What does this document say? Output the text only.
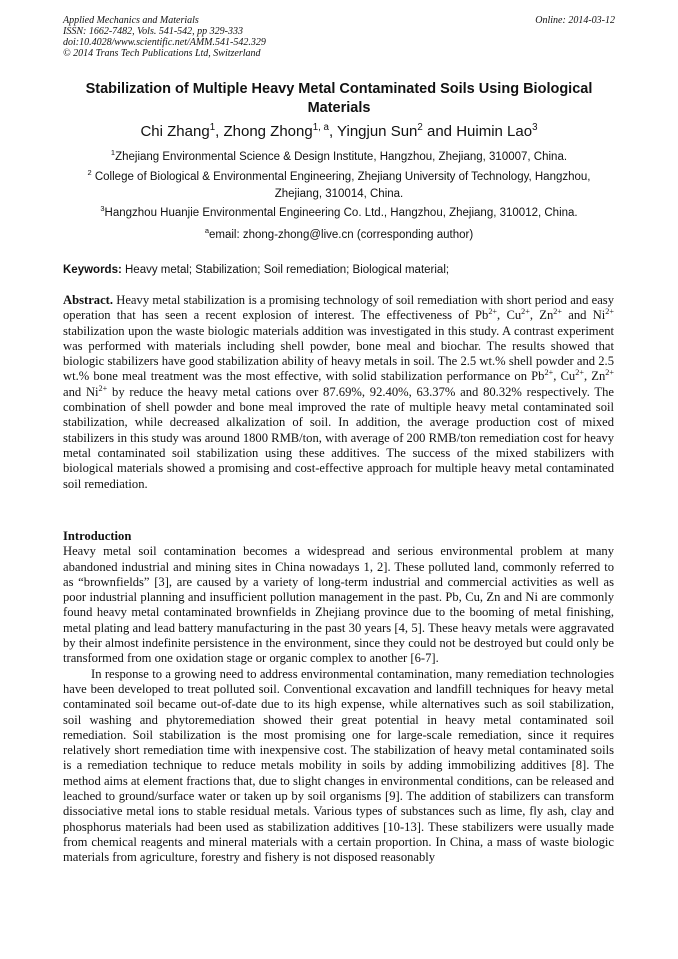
Applied Mechanics and Materials
ISSN: 1662-7482, Vols. 541-542, pp 329-333
doi:10.4028/www.scientific.net/AMM.541-542.329
© 2014 Trans Tech Publications Ltd, Switzerland
Online: 2014-03-12
Stabilization of Multiple Heavy Metal Contaminated Soils Using Biological Materials
Chi Zhang$^1$, Zhong Zhong$^{1, a}$, Yingjun Sun$^2$ and Huimin Lao$^3$
$^1$Zhejiang Environmental Science & Design Institute, Hangzhou, Zhejiang, 310007, China.
$^2$ College of Biological & Environmental Engineering, Zhejiang University of Technology, Hangzhou, Zhejiang, 310014, China.
$^3$Hangzhou Huanjie Environmental Engineering Co. Ltd., Hangzhou, Zhejiang, 310012, China.
$^a$email: zhong-zhong@live.cn (corresponding author)
Keywords: Heavy metal; Stabilization; Soil remediation; Biological material;

Abstract. Heavy metal stabilization is a promising technology of soil remediation with short period and easy operation that has seen a recent explosion of interest. The effectiveness of $Pb^{2+}$, $Cu^{2+}$, $Zn^{2+}$ and $Ni^{2+}$ stabilization upon the waste biologic materials addition was investigated in this study. A contrast experiment was performed with materials including shell powder, bone meal and biochar. The results showed that biologic stabilizers have good stabilization ability of heavy metals in soil. The 2.5 wt.% shell powder and 2.5 wt.% bone meal treatment was the most effective, with solid stabilization performance on $Pb^{2+}$, $Cu^{2+}$, $Zn^{2+}$ and $Ni^{2+}$ by reduce the heavy metal cations over 87.69%, 92.40%, 63.37% and 80.32% respectively. The combination of shell powder and bone meal improved the rate of multiple heavy metal contaminated soil stabilization, while decreased alkalization of soil. In addition, the average production cost of mixed stabilizers in this study was around 1800 RMB/ton, with average of 200 RMB/ton remediation cost for heavy metal contaminated soil stabilization using these additives. The success of the mixed stabilizers with biological materials showed a promising and cost-effective approach for multiple heavy metal contaminated soil remediation.

Introduction

Heavy metal soil contamination becomes a widespread and serious environmental problem at many abandoned industrial and mining sites in China nowadays 1, 2]. These polluted land, commonly referred to as “brownfields” [3], are caused by a variety of long-term industrial and commercial activities as well as poor industrial planning and insufficient pollution management in the past. Pb, Cu, Zn and Ni are commonly found heavy metal contaminated brownfields in Zhejiang province due to the booming of metal finishing, metal plating and lead battery manufacturing in the past 30 years [4, 5]. These heavy metals were aggravated by their almost indefinite persistence in the environment, since they could not be destroyed but could only be transformed from one oxidation stage or organic complex to another [6-7].

In response to a growing need to address environmental contamination, many remediation technologies have been developed to treat polluted soil. Conventional excavation and landfill techniques for heavy metal contaminated soil became out-of-date due to its high expense, while alternatives such as soil stabilization, soil washing and phytoremediation showed their great potential in heavy metal contaminated soil remediation. Soil stabilization is the most promising one for large-scale remediation, since it requires relatively short remediation time with inexpensive cost. The stabilization of heavy metal contaminated soils is a remediation technique to reduce metals mobility in soils by adding immobilizing additives [8]. The method aims at element fractions that, due to slight changes in environmental conditions, can be released and leached to ground/surface water or taken up by soil organisms [9]. The addition of stabilizers can transform dissociative metal ions to stable residual metals. Various types of substances such as lime, fly ash, clay and phosphorus materials had been used as stabilization additives [10-13]. These stabilizers were usually made from chemical reagents and mineral materials with a certain proportion. In China, a mass of waste biologic materials from agriculture, forestry and fishery is not disposed reasonably
